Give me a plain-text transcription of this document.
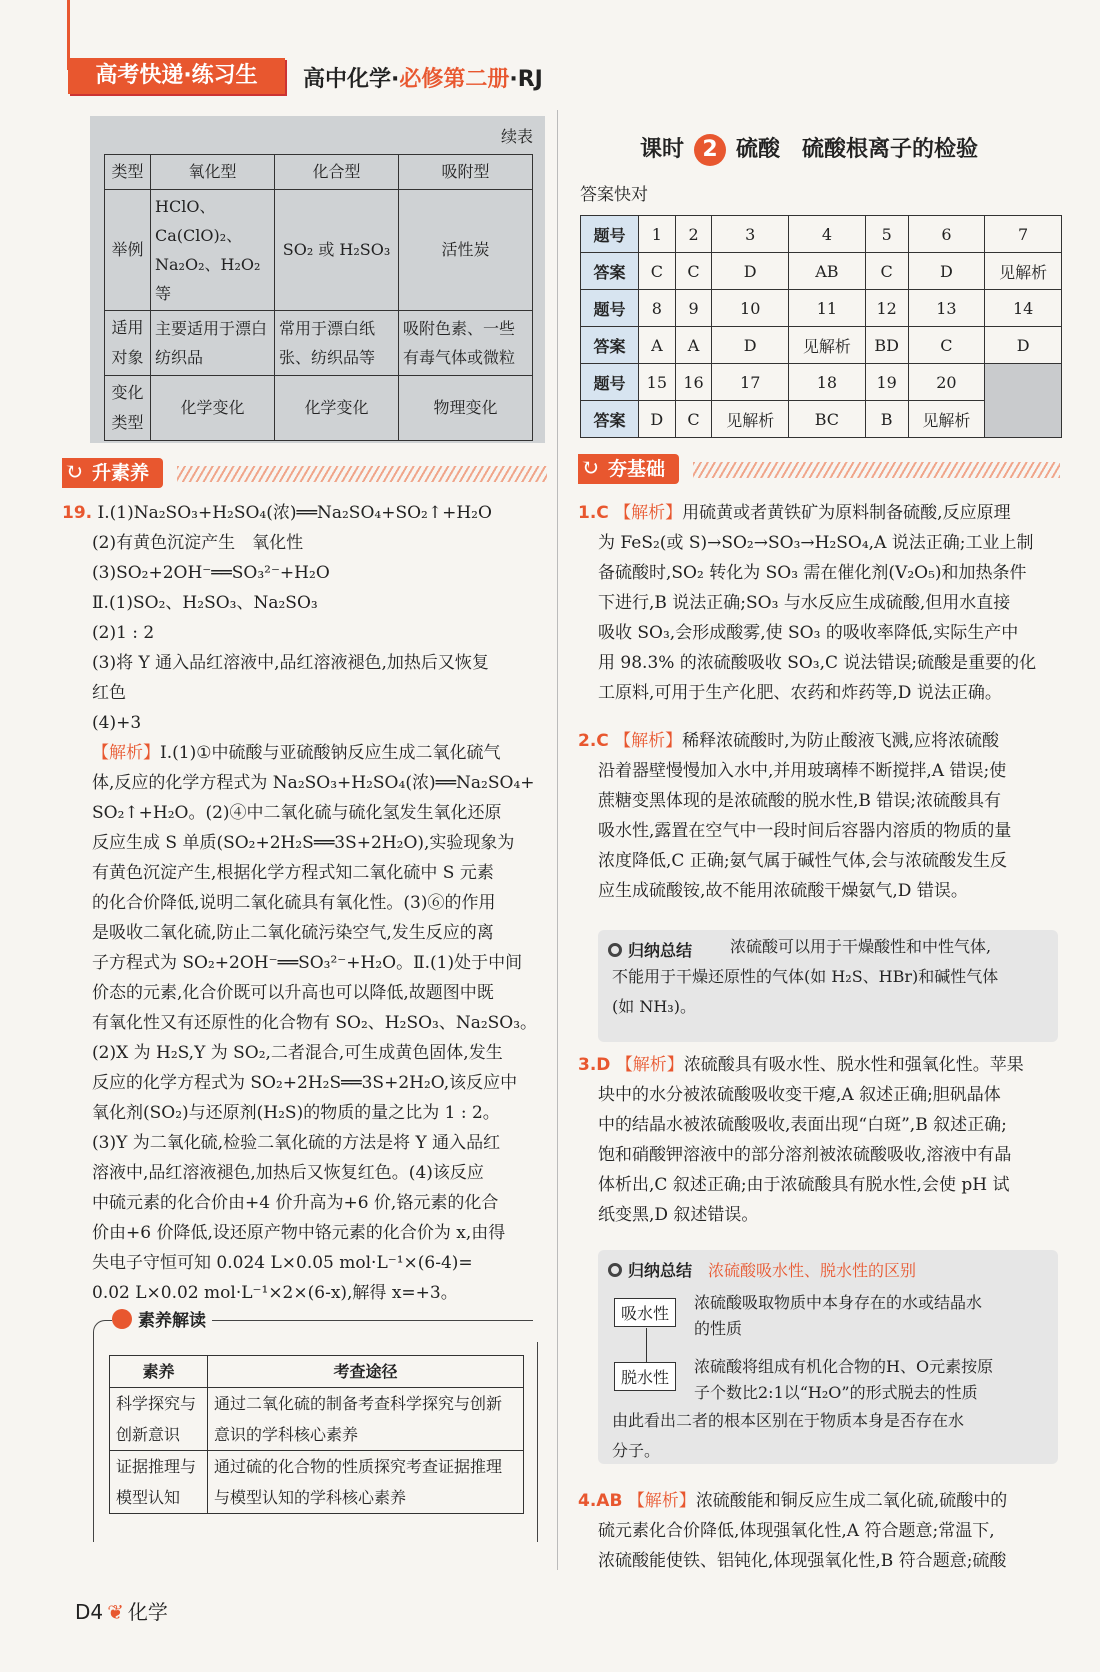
高考快递·练习生	高中化学·必修第二册·RJ
续表
类型	氧化型	化合型	吸附型
举例	HClO、Ca(ClO)₂、Na₂O₂、H₂O₂ 等	SO₂ 或 H₂SO₃	活性炭
适用对象	主要适用于漂白纺织品	常用于漂白纸张、纺织品等	吸附色素、一些有毒气体或微粒
变化类型	化学变化	化学变化	物理变化
升素养
↻

19. Ⅰ.(1)Na₂SO₃+H₂SO₄(浓)══Na₂SO₄+SO₂↑+H₂O

(2)有黄色沉淀产生　氧化性

(3)SO₂+2OH⁻══SO₃²⁻+H₂O

Ⅱ.(1)SO₂、H₂SO₃、Na₂SO₃

(2)1 : 2

(3)将 Y 通入品红溶液中,品红溶液褪色,加热后又恢复

红色

(4)+3

【解析】Ⅰ.(1)①中硫酸与亚硫酸钠反应生成二氧化硫气

体,反应的化学方程式为 Na₂SO₃+H₂SO₄(浓)══Na₂SO₄+

SO₂↑+H₂O。(2)④中二氧化硫与硫化氢发生氧化还原

反应生成 S 单质(SO₂+2H₂S══3S+2H₂O),实验现象为

有黄色沉淀产生,根据化学方程式知二氧化硫中 S 元素

的化合价降低,说明二氧化硫具有氧化性。(3)⑥的作用

是吸收二氧化硫,防止二氧化硫污染空气,发生反应的离

子方程式为 SO₂+2OH⁻══SO₃²⁻+H₂O。Ⅱ.(1)处于中间

价态的元素,化合价既可以升高也可以降低,故题图中既

有氧化性又有还原性的化合物有 SO₂、H₂SO₃、Na₂SO₃。

(2)X 为 H₂S,Y 为 SO₂,二者混合,可生成黄色固体,发生

反应的化学方程式为 SO₂+2H₂S══3S+2H₂O,该反应中

氧化剂(SO₂)与还原剂(H₂S)的物质的量之比为 1 : 2。

(3)Y 为二氧化硫,检验二氧化硫的方法是将 Y 通入品红

溶液中,品红溶液褪色,加热后又恢复红色。(4)该反应

中硫元素的化合价由+4 价升高为+6 价,铬元素的化合

价由+6 价降低,设还原产物中铬元素的化合价为 x,由得

失电子守恒可知 0.024 L×0.05 mol·L⁻¹×(6-4)=

0.02 L×0.02 mol·L⁻¹×2×(6-x),解得 x=+3。

素养解读
素养	考查途径
科学探究与创新意识	通过二氧化硫的制备考查科学探究与创新意识的学科核心素养
证据推理与模型认知	通过硫的化合物的性质探究考查证据推理与模型认知的学科核心素养
课时 2 硫酸　硫酸根离子的检验
答案快对
题号	1	2	3	4	5	6	7
答案	C	C	D	AB	C	D	见解析
题号	8	9	10	11	12	13	14
答案	A	A	D	见解析	BD	C	D
题号	15	16	17	18	19	20	
答案	D	C	见解析	BC	B	见解析	
夯基础
↻

1.C 【解析】用硫黄或者黄铁矿为原料制备硫酸,反应原理

为 FeS₂(或 S)→SO₂→SO₃→H₂SO₄,A 说法正确;工业上制

备硫酸时,SO₂ 转化为 SO₃ 需在催化剂(V₂O₅)和加热条件

下进行,B 说法正确;SO₃ 与水反应生成硫酸,但用水直接

吸收 SO₃,会形成酸雾,使 SO₃ 的吸收率降低,实际生产中

用 98.3% 的浓硫酸吸收 SO₃,C 说法错误;硫酸是重要的化

工原料,可用于生产化肥、农药和炸药等,D 说法正确。

2.C 【解析】稀释浓硫酸时,为防止酸液飞溅,应将浓硫酸

沿着器壁慢慢加入水中,并用玻璃棒不断搅拌,A 错误;使

蔗糖变黑体现的是浓硫酸的脱水性,B 错误;浓硫酸具有

吸水性,露置在空气中一段时间后容器内溶质的物质的量

浓度降低,C 正确;氨气属于碱性气体,会与浓硫酸发生反

应生成硫酸铵,故不能用浓硫酸干燥氨气,D 错误。

归纳总结	浓硫酸可以用于干燥酸性和中性气体,

不能用于干燥还原性的气体(如 H₂S、HBr)和碱性气体

(如 NH₃)。

3.D 【解析】浓硫酸具有吸水性、脱水性和强氧化性。苹果

块中的水分被浓硫酸吸收变干瘪,A 叙述正确;胆矾晶体

中的结晶水被浓硫酸吸收,表面出现“白斑”,B 叙述正确;

饱和硝酸钾溶液中的部分溶剂被浓硫酸吸收,溶液中有晶

体析出,C 叙述正确;由于浓硫酸具有脱水性,会使 pH 试

纸变黑,D 叙述错误。

归纳总结 浓硫酸吸水性、脱水性的区别
吸水性

浓硫酸吸取物质中本身存在的水或结晶水

的性质

脱水性

浓硫酸将组成有机化合物的H、O元素按原

子个数比2:1以“H₂O”的形式脱去的性质

由此看出二者的根本区别在于物质本身是否存在水

分子。

4.AB 【解析】浓硫酸能和铜反应生成二氧化硫,硫酸中的

硫元素化合价降低,体现强氧化性,A 符合题意;常温下,

浓硫酸能使铁、铝钝化,体现强氧化性,B 符合题意;硫酸

D4 ❦ 化学
